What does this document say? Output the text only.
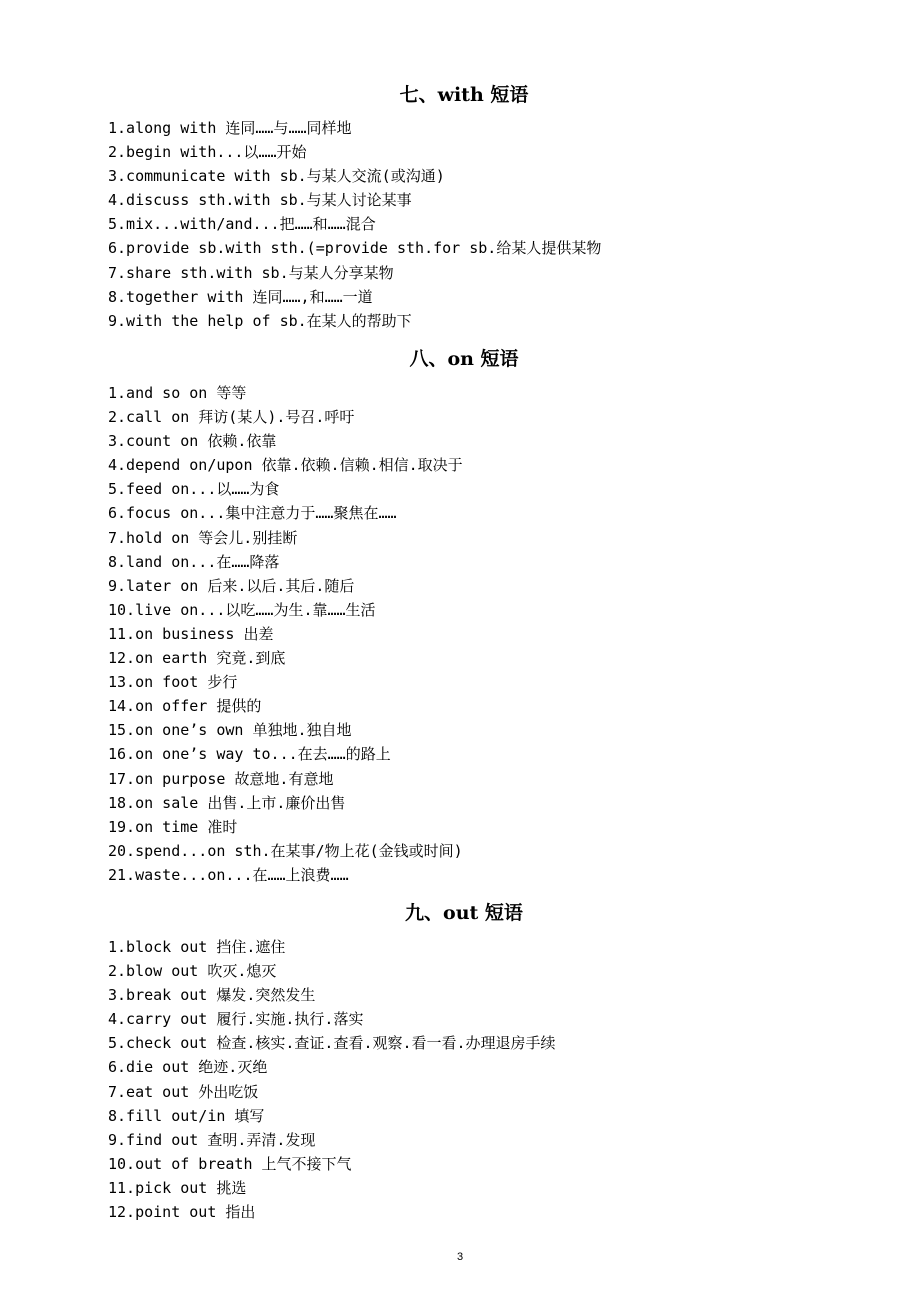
七、with 短语
1.along with 连同……与……同样地
2.begin with...以……开始
3.communicate with sb.与某人交流(或沟通)
4.discuss sth.with sb.与某人讨论某事
5.mix...with/and...把……和……混合
6.provide sb.with sth.(=provide sth.for sb.给某人提供某物
7.share sth.with sb.与某人分享某物
8.together with 连同……,和……一道
9.with the help of sb.在某人的帮助下
八、on 短语
1.and so on 等等
2.call on 拜访(某人).号召.呼吁
3.count on 依赖.依靠
4.depend on/upon 依靠.依赖.信赖.相信.取决于
5.feed on...以……为食
6.focus on...集中注意力于……聚焦在……
7.hold on 等会儿.别挂断
8.land on...在……降落
9.later on 后来.以后.其后.随后
10.live on...以吃……为生.靠……生活
11.on business 出差
12.on earth 究竟.到底
13.on foot 步行
14.on offer 提供的
15.on one’s own 单独地.独自地
16.on one’s way to...在去……的路上
17.on purpose 故意地.有意地
18.on sale 出售.上市.廉价出售
19.on time 准时
20.spend...on sth.在某事/物上花(金钱或时间)
21.waste...on...在……上浪费……
九、out 短语
1.block out 挡住.遮住
2.blow out 吹灭.熄灭
3.break out 爆发.突然发生
4.carry out 履行.实施.执行.落实
5.check out 检查.核实.查证.查看.观察.看一看.办理退房手续
6.die out 绝迹.灭绝
7.eat out 外出吃饭
8.fill out/in 填写
9.find out 查明.弄清.发现
10.out of breath 上气不接下气
11.pick out 挑选
12.point out 指出
3
